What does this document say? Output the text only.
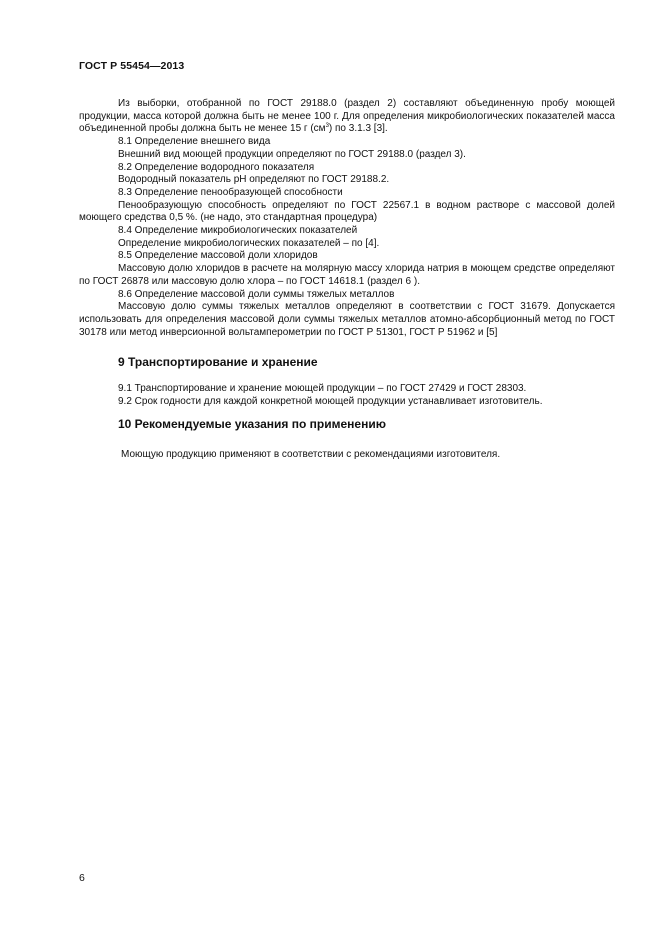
ГОСТ Р 55454—2013

Из выборки, отобранной по ГОСТ 29188.0 (раздел 2) составляют объединенную пробу моющей продукции, масса которой должна быть не менее 100 г. Для определения микробиологических показателей масса объединенной пробы должна быть не менее 15 г $(см^3)$ по 3.1.3 [3].

8.1 Определение внешнего вида

Внешний вид моющей продукции определяют по ГОСТ 29188.0 (раздел 3).

8.2 Определение водородного показателя

Водородный показатель pH определяют по ГОСТ 29188.2.

8.3 Определение пенообразующей способности

Пенообразующую способность определяют по ГОСТ 22567.1 в водном растворе с массовой долей моющего средства 0,5 %. (не надо, это стандартная процедура)

8.4 Определение микробиологических показателей

Определение микробиологических показателей – по [4].

8.5 Определение массовой доли хлоридов

Массовую долю хлоридов в расчете на молярную массу хлорида натрия в моющем средстве определяют по ГОСТ 26878 или массовую долю хлора – по ГОСТ 14618.1 (раздел 6 ).

8.6 Определение массовой доли суммы тяжелых металлов

Массовую долю суммы тяжелых металлов определяют в соответствии с ГОСТ 31679. Допускается использовать для определения массовой доли суммы тяжелых металлов атомно-абсорбционный метод по ГОСТ 30178 или метод инверсионной вольтамперометрии по ГОСТ Р 51301, ГОСТ Р 51962 и [5]

9 Транспортирование и хранение

9.1 Транспортирование и хранение моющей продукции – по ГОСТ 27429 и ГОСТ 28303.

9.2 Срок годности для каждой конкретной моющей продукции устанавливает изготовитель.

10 Рекомендуемые указания по применению

Моющую продукцию применяют в соответствии с рекомендациями изготовителя.

6
